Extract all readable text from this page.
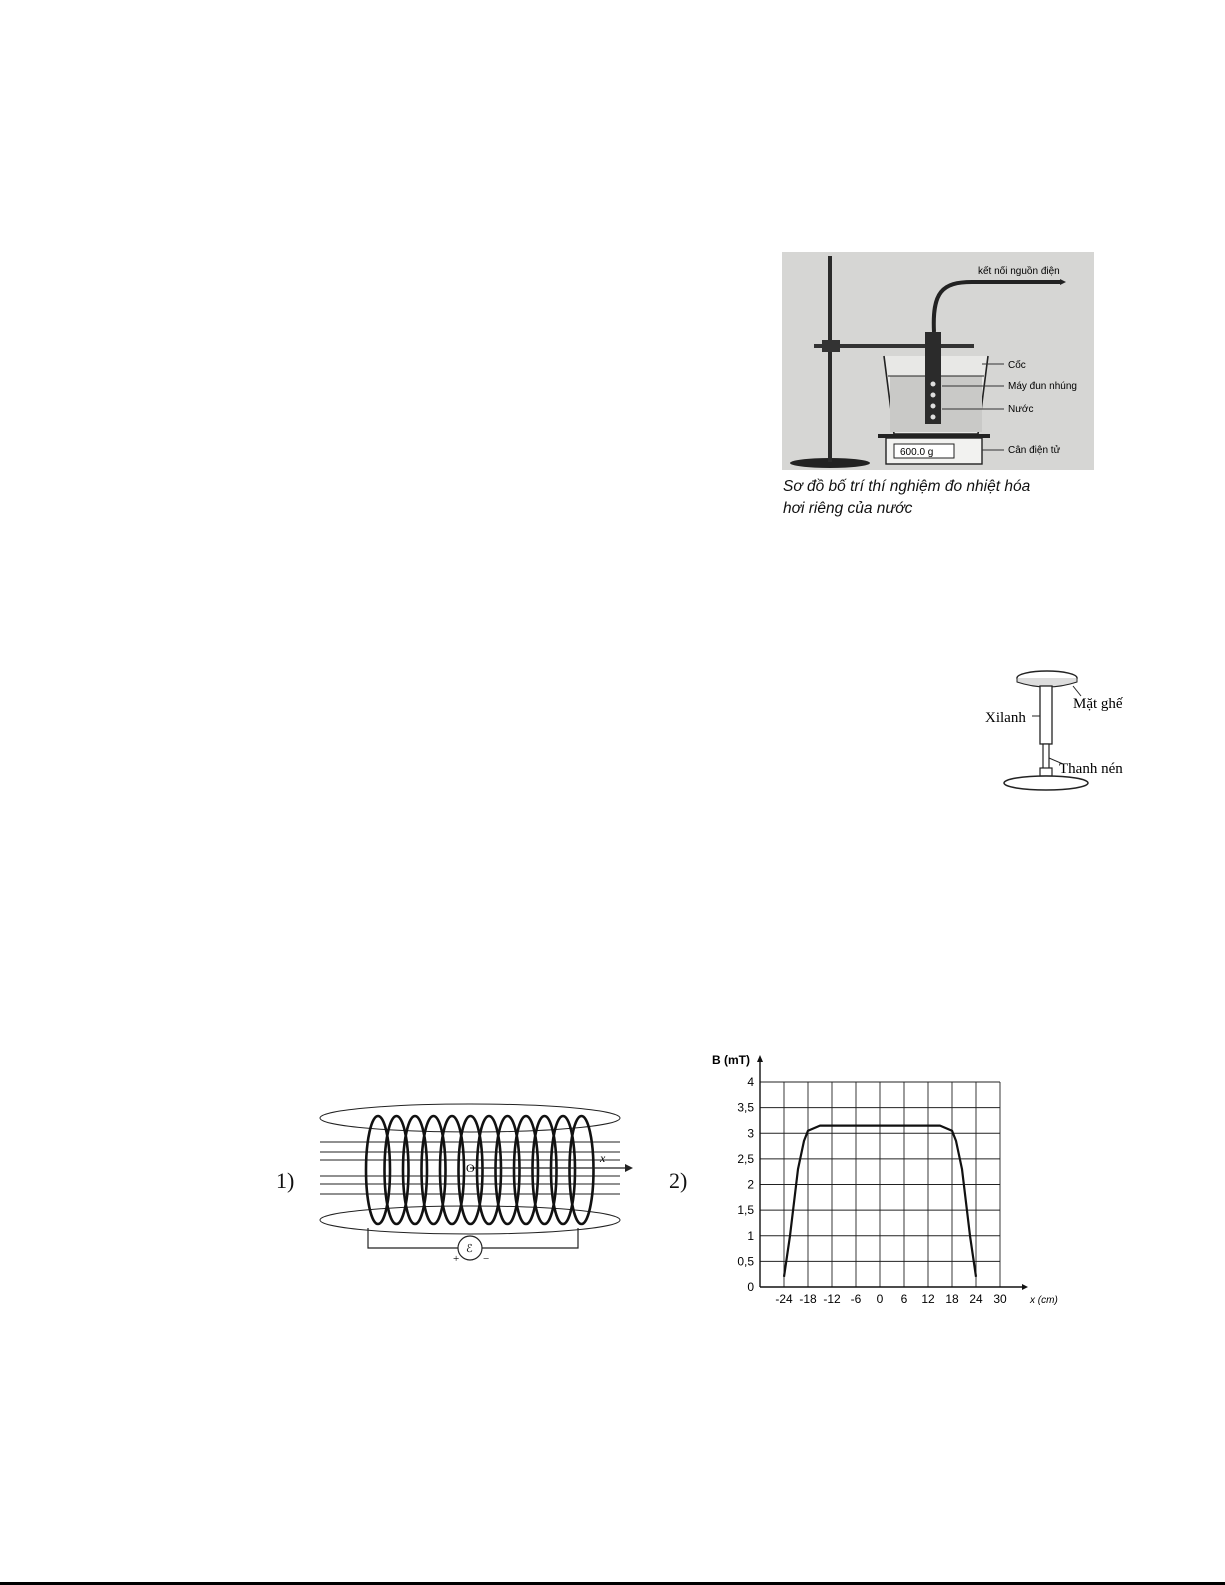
600.0 g
kết nối nguồn điện
Cốc
Máy đun nhúng
Nước
Cân điện tử
Sơ đồ bố trí thí nghiệm đo nhiệt hóa
hơi riêng của nước
Mặt ghế
Xilanh
Thanh nén
1)
x
O
ℰ
+ −
2)
-24 -18 -12 -6 0 6 12 18 24 30
0
0,5
1
1,5
2
2,5
3
3,5
4
B (mT)
x (cm)
